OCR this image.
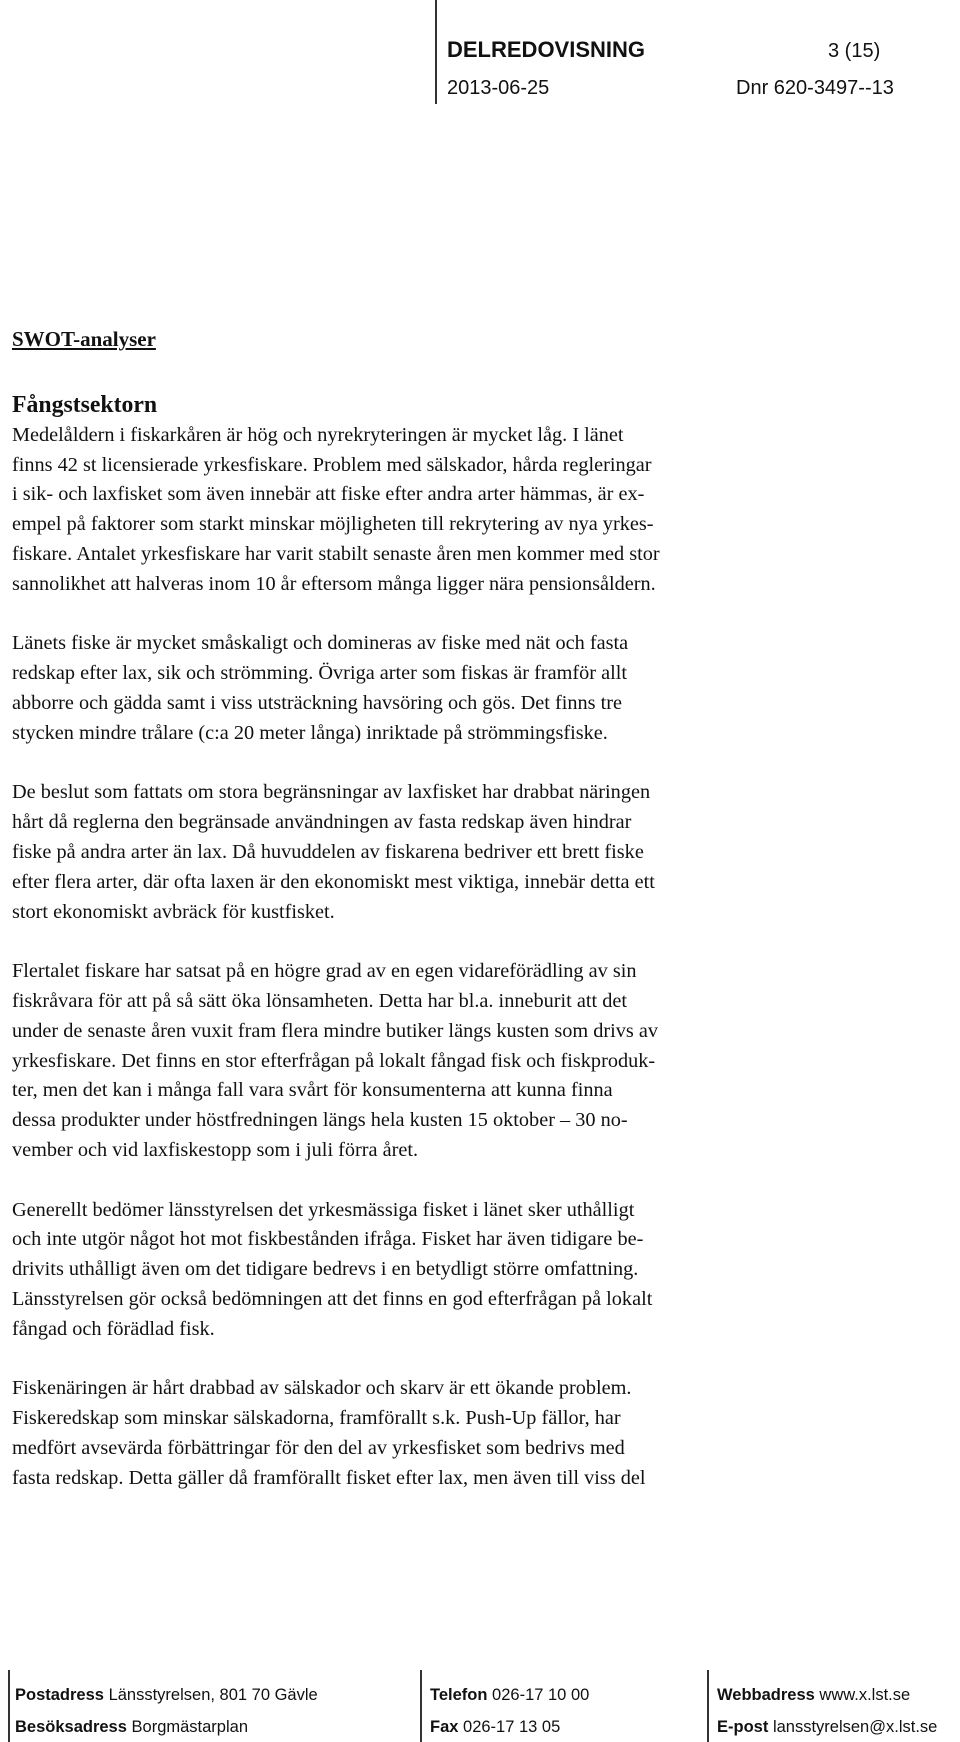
DELREDOVISNING	3 (15)
2013-06-25	Dnr 620-3497--13
SWOT-analyser
Fångstsektorn

Medelåldern i fiskarkåren är hög och nyrekryteringen är mycket låg. I länet
finns 42 st licensierade yrkesfiskare. Problem med sälskador, hårda regleringar
i sik- och laxfisket som även innebär att fiske efter andra arter hämmas, är ex-
empel på faktorer som starkt minskar möjligheten till rekrytering av nya yrkes-
fiskare. Antalet yrkesfiskare har varit stabilt senaste åren men kommer med stor
sannolikhet att halveras inom 10 år eftersom många ligger nära pensionsåldern.

Länets fiske är mycket småskaligt och domineras av fiske med nät och fasta
redskap efter lax, sik och strömming. Övriga arter som fiskas är framför allt
abborre och gädda samt i viss utsträckning havsöring och gös. Det finns tre
stycken mindre trålare (c:a 20 meter långa) inriktade på strömmingsfiske.

De beslut som fattats om stora begränsningar av laxfisket har drabbat näringen
hårt då reglerna den begränsade användningen av fasta redskap även hindrar
fiske på andra arter än lax. Då huvuddelen av fiskarena bedriver ett brett fiske
efter flera arter, där ofta laxen är den ekonomiskt mest viktiga, innebär detta ett
stort ekonomiskt avbräck för kustfisket.

Flertalet fiskare har satsat på en högre grad av en egen vidareförädling av sin
fiskråvara för att på så sätt öka lönsamheten. Detta har bl.a. inneburit att det
under de senaste åren vuxit fram flera mindre butiker längs kusten som drivs av
yrkesfiskare. Det finns en stor efterfrågan på lokalt fångad fisk och fiskproduk-
ter, men det kan i många fall vara svårt för konsumenterna att kunna finna
dessa produkter under höstfredningen längs hela kusten 15 oktober – 30 no-
vember och vid laxfiskestopp som i juli förra året.

Generellt bedömer länsstyrelsen det yrkesmässiga fisket i länet sker uthålligt
och inte utgör något hot mot fiskbestånden ifråga. Fisket har även tidigare be-
drivits uthålligt även om det tidigare bedrevs i en betydligt större omfattning.
Länsstyrelsen gör också bedömningen att det finns en god efterfrågan på lokalt
fångad och förädlad fisk.

Fiskenäringen är hårt drabbad av sälskador och skarv är ett ökande problem.
Fiskeredskap som minskar sälskadorna, framförallt s.k. Push-Up fällor, har
medfört avsevärda förbättringar för den del av yrkesfisket som bedrivs med
fasta redskap. Detta gäller då framförallt fisket efter lax, men även till viss del

Postadress Länsstyrelsen, 801 70 Gävle
Besöksadress Borgmästarplan
Telefon 026-17 10 00
Fax 026-17 13 05
Webbadress www.x.lst.se
E-post lansstyrelsen@x.lst.se
